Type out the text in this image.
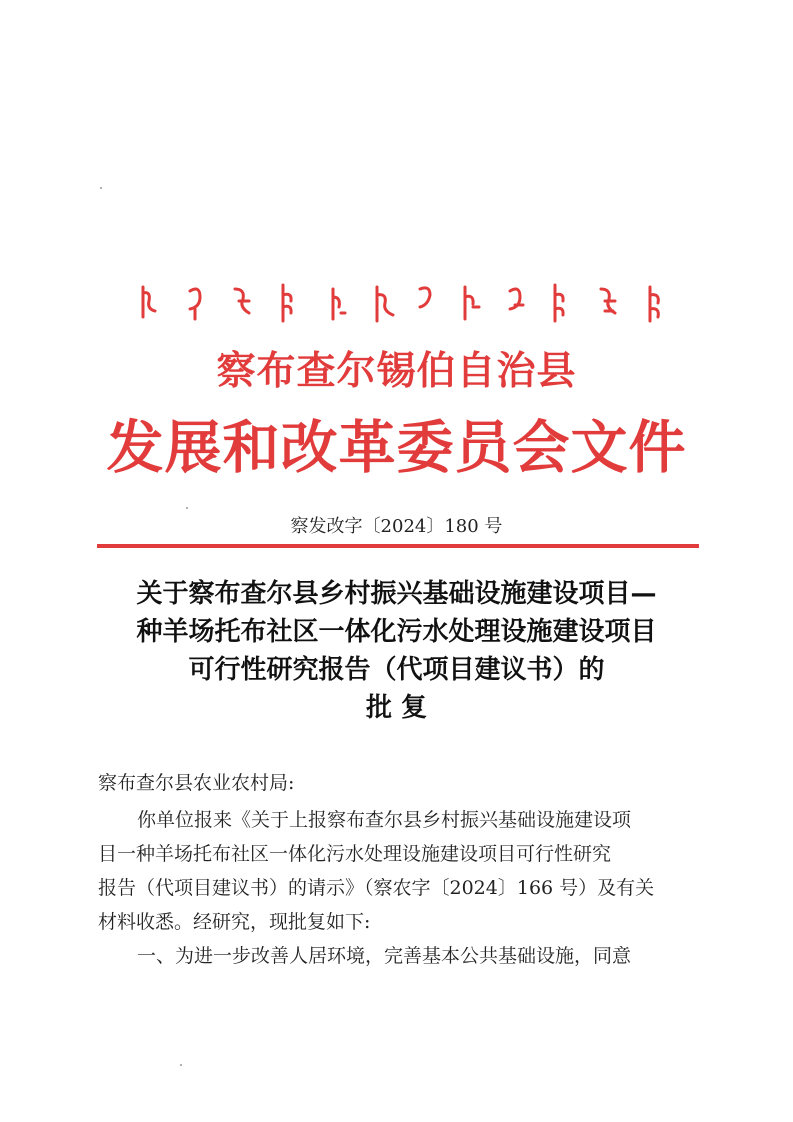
察布查尔锡伯自治县
发展和改革委员会文件
察发改字〔2024〕180 号
关于察布查尔县乡村振兴基础设施建设项目—
种羊场托布社区一体化污水处理设施建设项目
可行性研究报告（代项目建议书）的
批 复

察布查尔县农业农村局:

你单位报来《关于上报察布查尔县乡村振兴基础设施建设项

目一种羊场托布社区一体化污水处理设施建设项目可行性研究

报告（代项目建议书）的请示》（察农字〔2024〕166 号）及有关

材料收悉。经研究，现批复如下:

一、为进一步改善人居环境，完善基本公共基础设施，同意
